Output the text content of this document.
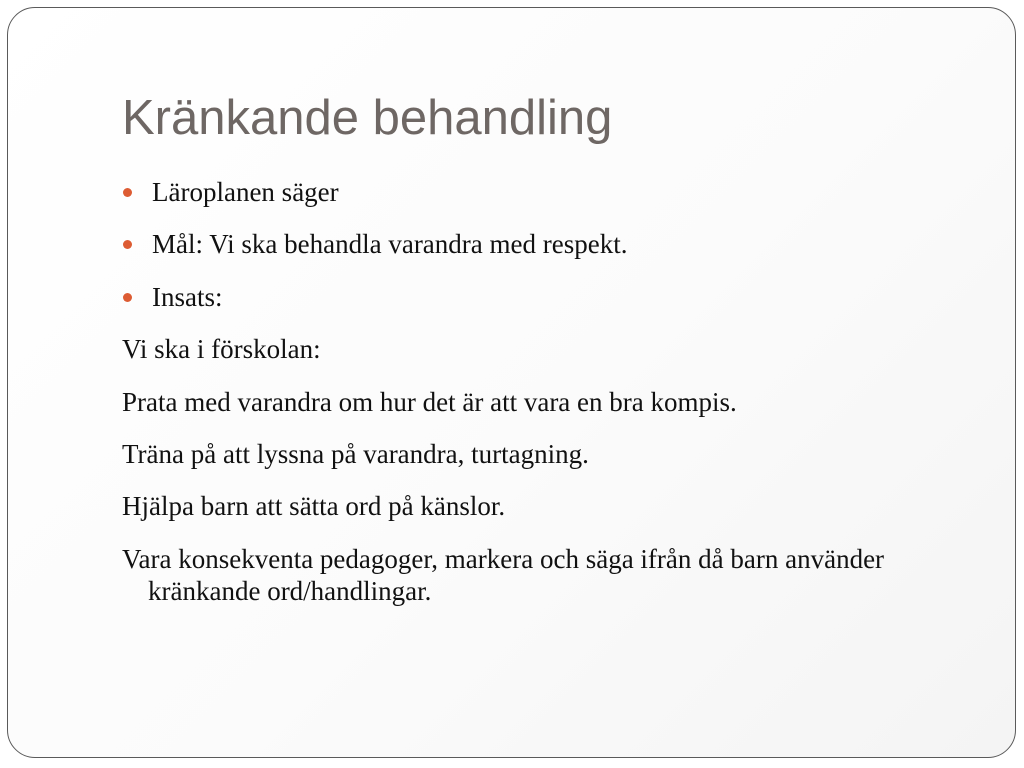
Kränkande behandling
Läroplanen säger
Mål: Vi ska behandla varandra med respekt.
Insats:
Vi ska i förskolan:
Prata med varandra om hur det är att vara en bra kompis.
Träna på att lyssna på varandra, turtagning.
Hjälpa barn att sätta ord på känslor.
Vara konsekventa pedagoger, markera och säga ifrån då barn använder kränkande ord/handlingar.
